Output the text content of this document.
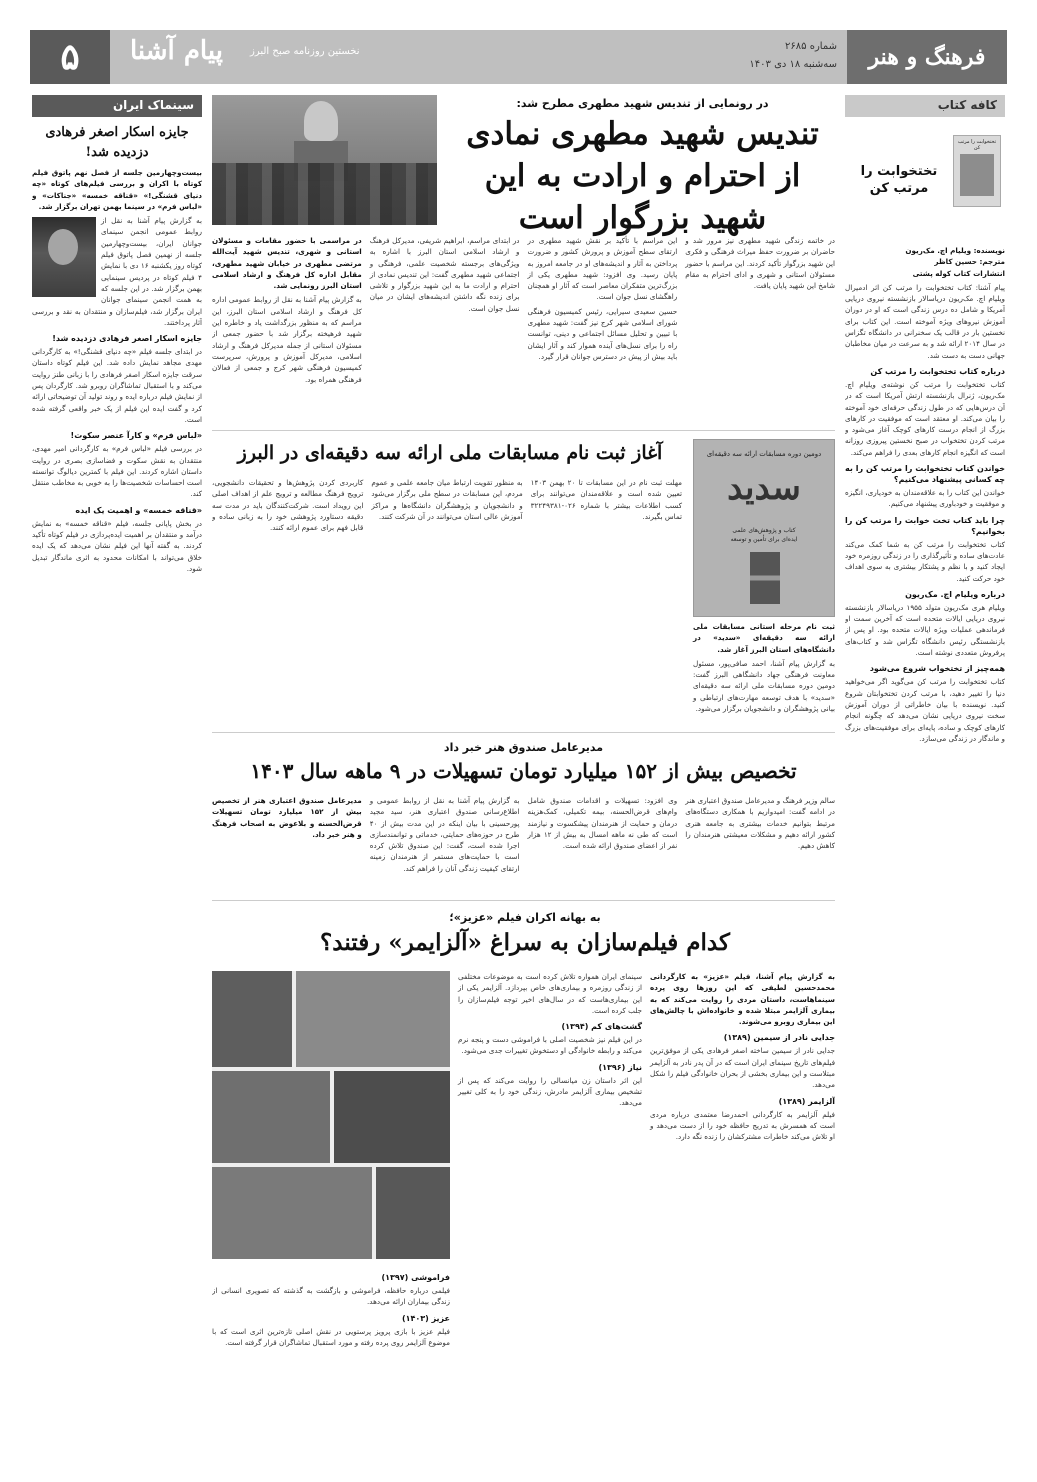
فرهنگ و هنر
شماره ۲۶۸۵
سه‌شنبه ۱۸ دی ۱۴۰۳
نخستین روزنامه صبح البرز
پیام آشنا
۵
کافه کتاب
تختخوابت را مرتب کن
تختخوابت را مرتب کن

نویسنده: ویلیام اچ. مک‌ریون
مترجم: حسین کاظر
انتشارات کتاب کوله پشتی

پیام آشنا: کتاب تختخوابت را مرتب کن اثر ادمیرال ویلیام اچ. مک‌ریون دریاسالار بازنشسته نیروی دریایی آمریکا و شامل ده درس زندگی است که او در دوران آموزش نیروهای ویژه آموخته است. این کتاب برای نخستین بار در قالب یک سخنرانی در دانشگاه تگزاس در سال ۲۰۱۴ ارائه شد و به سرعت در میان مخاطبان جهانی دست به دست شد.

درباره کتاب تختخوابت را مرتب کن

کتاب تختخوابت را مرتب کن نوشته‌ی ویلیام اچ. مک‌ریون، ژنرال بازنشسته ارتش آمریکا است که در آن درس‌هایی که در طول زندگی حرفه‌ای خود آموخته را بیان می‌کند. او معتقد است که موفقیت در کارهای بزرگ از انجام درست کارهای کوچک آغاز می‌شود و مرتب کردن تختخواب در صبح نخستین پیروزی روزانه است که انگیزه انجام کارهای بعدی را فراهم می‌کند.

خواندن کتاب تختخوابت را مرتب کن را به چه کسانی پیشنهاد می‌کنیم؟

خواندن این کتاب را به علاقه‌مندان به خودیاری، انگیزه و موفقیت و خودباوری پیشنهاد می‌کنیم.

چرا باید کتاب تخت خوابت را مرتب کن را بخوانیم؟

کتاب تختخوابت را مرتب کن به شما کمک می‌کند عادت‌های ساده و تأثیرگذاری را در زندگی روزمره خود ایجاد کنید و با نظم و پشتکار بیشتری به سوی اهداف خود حرکت کنید.

درباره ویلیام اچ. مک‌ریون

ویلیام هری مک‌ریون متولد ۱۹۵۵ دریاسالار بازنشسته نیروی دریایی ایالات متحده است که آخرین سمت او فرماندهی عملیات ویژه ایالات متحده بود. او پس از بازنشستگی رئیس دانشگاه تگزاس شد و کتاب‌های پرفروش متعددی نوشته است.

همه‌چیز از تختخواب شروع می‌شود

کتاب تختخوابت را مرتب کن می‌گوید اگر می‌خواهید دنیا را تغییر دهید، با مرتب کردن تختخوابتان شروع کنید. نویسنده با بیان خاطراتی از دوران آموزش سخت نیروی دریایی نشان می‌دهد که چگونه انجام کارهای کوچک و ساده، پایه‌ای برای موفقیت‌های بزرگ و ماندگار در زندگی می‌سازد.

در رونمایی از تندیس شهید مطهری مطرح شد:
تندیس شهید مطهری نمادی از احترام و ارادت به این شهید بزرگوار است

در خاتمه زندگی شهید مطهری نیز مرور شد و حاضران بر ضرورت حفظ میراث فرهنگی و فکری این شهید بزرگوار تأکید کردند. این مراسم با حضور مسئولان استانی و شهری و ادای احترام به مقام شامخ این شهید پایان یافت.

این مراسم با تأکید بر نقش شهید مطهری در ارتقای سطح آموزش و پرورش کشور و ضرورت پرداختن به آثار و اندیشه‌های او در جامعه امروز به پایان رسید. وی افزود: شهید مطهری یکی از بزرگ‌ترین متفکران معاصر است که آثار او همچنان راهگشای نسل جوان است.

حسین سعیدی سیرایی، رئیس کمیسیون فرهنگی شورای اسلامی شهر کرج نیز گفت: شهید مطهری با تبیین و تحلیل مسائل اجتماعی و دینی، توانست راه را برای نسل‌های آینده هموار کند و آثار ایشان باید بیش از پیش در دسترس جوانان قرار گیرد.

در ابتدای مراسم، ابراهیم شریفی، مدیرکل فرهنگ و ارشاد اسلامی استان البرز با اشاره به ویژگی‌های برجسته شخصیت علمی، فرهنگی و اجتماعی شهید مطهری گفت: این تندیس نمادی از احترام و ارادت ما به این شهید بزرگوار و تلاشی برای زنده نگه داشتن اندیشه‌های ایشان در میان نسل جوان است.

در مراسمی با حضور مقامات و مسئولان استانی و شهری، تندیس شهید آیت‌الله مرتضی مطهری در خیابان شهید مطهری، مقابل اداره کل فرهنگ و ارشاد اسلامی استان البرز رونمایی شد.

به گزارش پیام آشنا به نقل از روابط عمومی اداره کل فرهنگ و ارشاد اسلامی استان البرز، این مراسم که به منظور بزرگداشت یاد و خاطره این شهید فرهیخته برگزار شد با حضور جمعی از مسئولان استانی از جمله مدیرکل فرهنگ و ارشاد اسلامی، مدیرکل آموزش و پرورش، سرپرست کمیسیون فرهنگی شهر کرج و جمعی از فعالان فرهنگی همراه بود.

آغاز ثبت نام مسابقات ملی ارائه سه دقیقه‌ای در البرز	دومین دوره مسابقات ارائه سه دقیقه‌ای
سدید
کتاب و پژوهش‌های علمی
ایده‌ای برای تأمین و توسعه

ثبت نام مرحله استانی مسابقات ملی ارائه سه دقیقه‌ای «سدید» در دانشگاه‌های استان البرز آغاز شد.

به گزارش پیام آشنا، احمد صافی‌پور، مسئول معاونت فرهنگی جهاد دانشگاهی البرز گفت: دومین دوره مسابقات ملی ارائه سه دقیقه‌ای «سدید» با هدف توسعه مهارت‌های ارتباطی و بیانی پژوهشگران و دانشجویان برگزار می‌شود.

مهلت ثبت نام در این مسابقات تا ۲۰ بهمن ۱۴۰۳ تعیین شده است و علاقه‌مندان می‌توانند برای کسب اطلاعات بیشتر با شماره ۰۲۶-۳۲۲۴۹۳۸۱ تماس بگیرند.

به منظور تقویت ارتباط میان جامعه علمی و عموم مردم، این مسابقات در سطح ملی برگزار می‌شود و دانشجویان و پژوهشگران دانشگاه‌ها و مراکز آموزش عالی استان می‌توانند در آن شرکت کنند.

کاربردی کردن پژوهش‌ها و تحقیقات دانشجویی، ترویج فرهنگ مطالعه و ترویج علم از اهداف اصلی این رویداد است. شرکت‌کنندگان باید در مدت سه دقیقه دستاورد پژوهشی خود را به زبانی ساده و قابل فهم برای عموم ارائه کنند.

مدیرعامل صندوق هنر خبر داد
تخصیص بیش از ۱۵۲ میلیارد تومان تسهیلات در ۹ ماهه سال ۱۴۰۳

سالم وزیر فرهنگ و مدیرعامل صندوق اعتباری هنر در ادامه گفت: امیدواریم با همکاری دستگاه‌های مرتبط بتوانیم خدمات بیشتری به جامعه هنری کشور ارائه دهیم و مشکلات معیشتی هنرمندان را کاهش دهیم.

وی افزود: تسهیلات و اقدامات صندوق شامل وام‌های قرض‌الحسنه، بیمه تکمیلی، کمک‌هزینه درمان و حمایت از هنرمندان پیشکسوت و نیازمند است که طی نه ماهه امسال به بیش از ۱۲ هزار نفر از اعضای صندوق ارائه شده است.

به گزارش پیام آشنا به نقل از روابط عمومی و اطلاع‌رسانی صندوق اعتباری هنر، سید مجید پورحسینی با بیان اینکه در این مدت بیش از ۴۰ طرح در حوزه‌های حمایتی، خدماتی و توانمندسازی اجرا شده است، گفت: این صندوق تلاش کرده است با حمایت‌های مستمر از هنرمندان زمینه ارتقای کیفیت زندگی آنان را فراهم کند.

مدیرعامل صندوق اعتباری هنر از تخصیص بیش از ۱۵۲ میلیارد تومان تسهیلات قرض‌الحسنه و بلاعوض به اصحاب فرهنگ و هنر خبر داد.

به بهانه اکران فیلم «عزیز»؛
کدام فیلم‌سازان به سراغ «آلزایمر» رفتند؟
فراموشی (۱۳۹۷)

فیلمی درباره حافظه، فراموشی و بازگشت به گذشته که تصویری انسانی از زندگی بیماران ارائه می‌دهد.

عزیز (۱۴۰۳)

فیلم عزیز با بازی پرویز پرستویی در نقش اصلی تازه‌ترین اثری است که با موضوع آلزایمر روی پرده رفته و مورد استقبال تماشاگران قرار گرفته است.

سینمای ایران همواره تلاش کرده است به موضوعات مختلفی از زندگی روزمره و بیماری‌های خاص بپردازد. آلزایمر یکی از این بیماری‌هاست که در سال‌های اخیر توجه فیلم‌سازان را جلب کرده است.

گشت‌های کم (۱۳۹۴)

در این فیلم نیز شخصیت اصلی با فراموشی دست و پنجه نرم می‌کند و رابطه خانوادگی او دستخوش تغییرات جدی می‌شود.

نیاز (۱۳۹۶)

این اثر داستان زن میانسالی را روایت می‌کند که پس از تشخیص بیماری آلزایمر مادرش، زندگی خود را به کلی تغییر می‌دهد.

به گزارش پیام آشنا، فیلم «عزیز» به کارگردانی محمدحسین لطیفی که این روزها روی پرده سینماهاست، داستان مردی را روایت می‌کند که به بیماری آلزایمر مبتلا شده و خانواده‌اش با چالش‌های این بیماری روبرو می‌شوند.

جدایی نادر از سیمین (۱۳۸۹)

جدایی نادر از سیمین ساخته اصغر فرهادی یکی از موفق‌ترین فیلم‌های تاریخ سینمای ایران است که در آن پدر نادر به آلزایمر مبتلاست و این بیماری بخشی از بحران خانوادگی فیلم را شکل می‌دهد.

آلزایمر (۱۳۸۹)

فیلم آلزایمر به کارگردانی احمدرضا معتمدی درباره مردی است که همسرش به تدریج حافظه خود را از دست می‌دهد و او تلاش می‌کند خاطرات مشترکشان را زنده نگه دارد.

سینماک ایران
جایزه اسکار اصغر فرهادی دزدیده شد!

بیست‌وچهارمین جلسه از فصل نهم پاتوق فیلم کوتاه با اکران و بررسی فیلم‌های کوتاه «چه دنیای قشنگی!» «قناقه خمسه» «جناکات» و «لباس فرم» در سینما بهمن تهران برگزار شد.

به گزارش پیام آشنا به نقل از روابط عمومی انجمن سینمای جوانان ایران، بیست‌وچهارمین جلسه از نهمین فصل پاتوق فیلم کوتاه روز یکشنبه ۱۶ دی با نمایش ۴ فیلم کوتاه در پردیس سینمایی بهمن برگزار شد. در این جلسه که به همت انجمن سینمای جوانان ایران برگزار شد، فیلم‌سازان و منتقدان به نقد و بررسی آثار پرداختند.

جایزه اسکار اصغر فرهادی دزدیده شد!

در ابتدای جلسه فیلم «چه دنیای قشنگی!» به کارگردانی مهدی مجاهد نمایش داده شد. این فیلم کوتاه داستان سرقت جایزه اسکار اصغر فرهادی را با زبانی طنز روایت می‌کند و با استقبال تماشاگران روبرو شد. کارگردان پس از نمایش فیلم درباره ایده و روند تولید آن توضیحاتی ارائه کرد و گفت ایده این فیلم از یک خبر واقعی گرفته شده است.

«لباس فرم» و کارآ عنصر سکوت!

در بررسی فیلم «لباس فرم» به کارگردانی امیر مهدی، منتقدان به نقش سکوت و فضاسازی بصری در روایت داستان اشاره کردند. این فیلم با کمترین دیالوگ توانسته است احساسات شخصیت‌ها را به خوبی به مخاطب منتقل کند.

«قناقه خمسه» و اهمیت یک ایده

در بخش پایانی جلسه، فیلم «قناقه خمسه» به نمایش درآمد و منتقدان بر اهمیت ایده‌پردازی در فیلم کوتاه تأکید کردند. به گفته آنها این فیلم نشان می‌دهد که یک ایده خلاق می‌تواند با امکانات محدود به اثری ماندگار تبدیل شود.
